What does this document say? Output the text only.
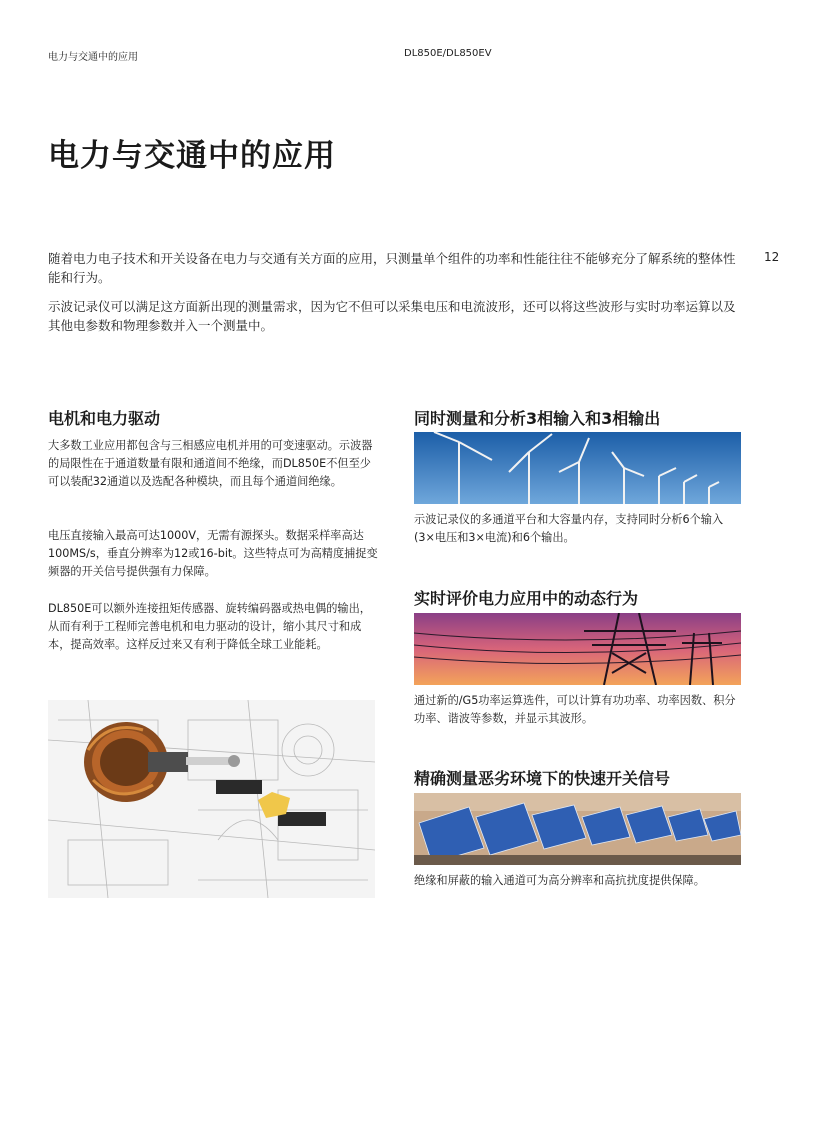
电力与交通中的应用	DL850E/DL850EV
电力与交通中的应用
随着电力电子技术和开关设备在电力与交通有关方面的应用，只测量单个组件的功率和性能往往不能够充分了解系统的整体性能和行为。
示波记录仪可以满足这方面新出现的测量需求，因为它不但可以采集电压和电流波形，还可以将这些波形与实时功率运算以及其他电参数和物理参数并入一个测量中。
12
电机和电力驱动
大多数工业应用都包含与三相感应电机并用的可变速驱动。示波器的局限性在于通道数量有限和通道间不绝缘，而DL850E不但至少可以装配32通道以及选配各种模块，而且每个通道间绝缘。
电压直接输入最高可达1000V，无需有源探头。数据采样率高达100MS/s，垂直分辨率为12或16-bit。这些特点可为高精度捕捉变频器的开关信号提供强有力保障。
DL850E可以额外连接扭矩传感器、旋转编码器或热电偶的输出，从而有利于工程师完善电机和电力驱动的设计，缩小其尺寸和成本，提高效率。这样反过来又有利于降低全球工业能耗。
同时测量和分析3相输入和3相输出
示波记录仪的多通道平台和大容量内存，支持同时分析6个输入(3×电压和3×电流)和6个输出。
实时评价电力应用中的动态行为
通过新的/G5功率运算选件，可以计算有功功率、功率因数、积分功率、谐波等参数，并显示其波形。
精确测量恶劣环境下的快速开关信号
绝缘和屏蔽的输入通道可为高分辨率和高抗扰度提供保障。
